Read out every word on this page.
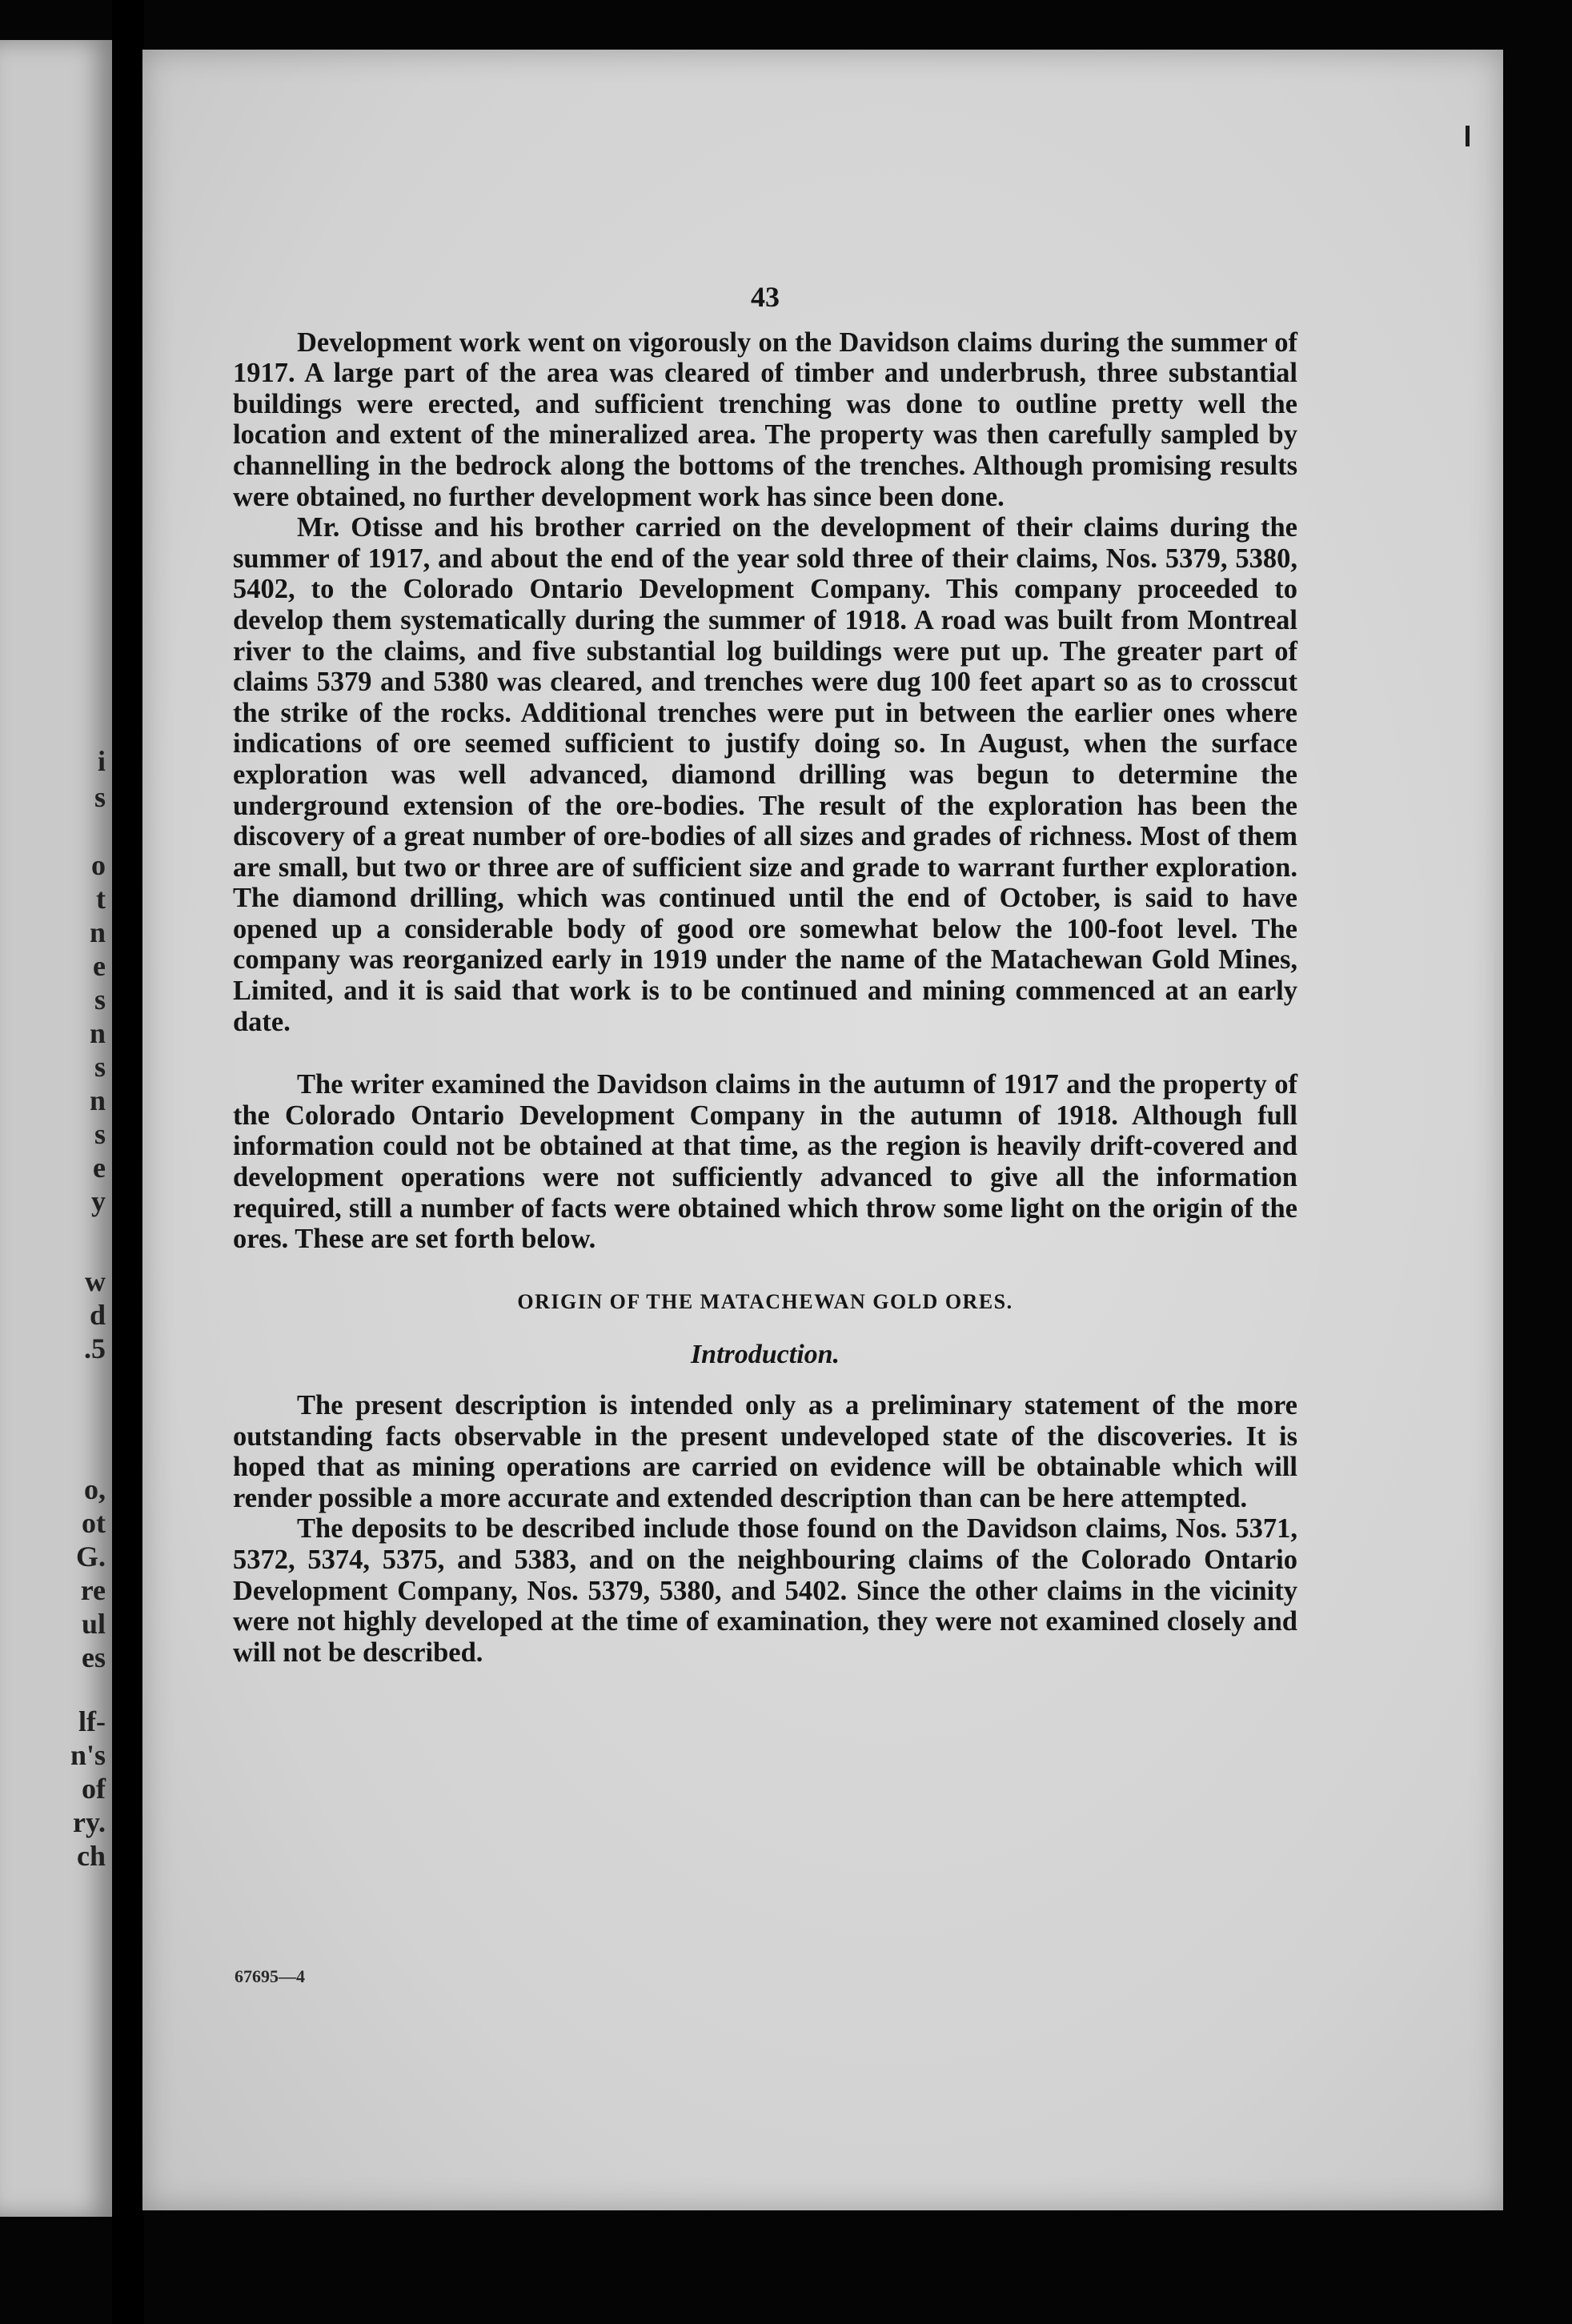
i
s
o
t
n
e
s
n
s
n
s
e
y
w
d
.5
o,
ot
G.
re
ul
es
lf-
n's
of
ry.
ch
43

Development work went on vigorously on the Davidson claims during the summer of 1917. A large part of the area was cleared of timber and underbrush, three substantial buildings were erected, and sufficient trenching was done to outline pretty well the location and extent of the mineralized area. The property was then carefully sampled by channelling in the bedrock along the bottoms of the trenches. Although promising results were obtained, no further development work has since been done.

Mr. Otisse and his brother carried on the development of their claims during the summer of 1917, and about the end of the year sold three of their claims, Nos. 5379, 5380, 5402, to the Colorado Ontario Development Company. This company proceeded to develop them systematically during the summer of 1918. A road was built from Montreal river to the claims, and five substantial log buildings were put up. The greater part of claims 5379 and 5380 was cleared, and trenches were dug 100 feet apart so as to crosscut the strike of the rocks. Additional trenches were put in between the earlier ones where indications of ore seemed sufficient to justify doing so. In August, when the surface exploration was well advanced, diamond drilling was begun to determine the underground extension of the ore-bodies. The result of the exploration has been the discovery of a great number of ore-bodies of all sizes and grades of richness. Most of them are small, but two or three are of sufficient size and grade to warrant further exploration. The diamond drilling, which was continued until the end of October, is said to have opened up a considerable body of good ore somewhat below the 100-foot level. The company was reorganized early in 1919 under the name of the Matachewan Gold Mines, Limited, and it is said that work is to be continued and mining commenced at an early date.

The writer examined the Davidson claims in the autumn of 1917 and the property of the Colorado Ontario Development Company in the autumn of 1918. Although full information could not be obtained at that time, as the region is heavily drift-covered and development operations were not sufficiently advanced to give all the information required, still a number of facts were obtained which throw some light on the origin of the ores. These are set forth below.

ORIGIN OF THE MATACHEWAN GOLD ORES.
Introduction.

The present description is intended only as a preliminary statement of the more outstanding facts observable in the present undeveloped state of the discoveries. It is hoped that as mining operations are carried on evidence will be obtainable which will render possible a more accurate and extended description than can be here attempted.

The deposits to be described include those found on the Davidson claims, Nos. 5371, 5372, 5374, 5375, and 5383, and on the neighbouring claims of the Colorado Ontario Development Company, Nos. 5379, 5380, and 5402. Since the other claims in the vicinity were not highly developed at the time of examination, they were not examined closely and will not be described.

67695—4
